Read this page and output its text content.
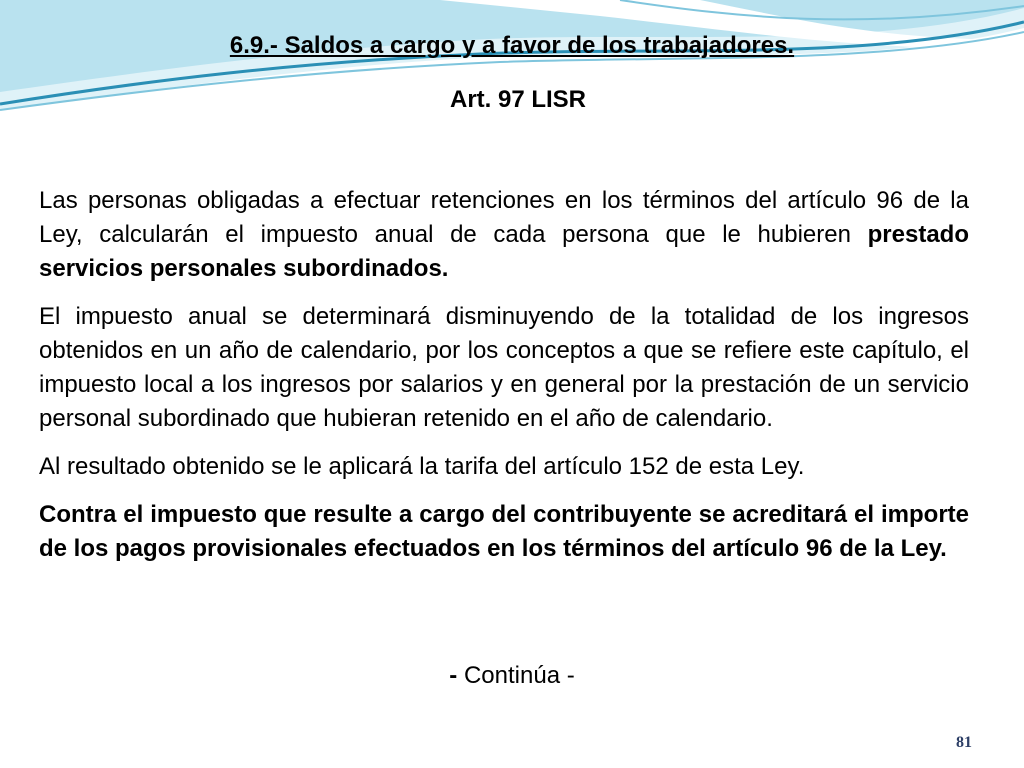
6.9.- Saldos a cargo y a favor de los trabajadores.
Art. 97 LISR

Las personas obligadas a efectuar retenciones en los términos del artículo 96 de la Ley, calcularán el impuesto anual de cada persona que le hubieren prestado servicios personales subordinados.

El impuesto anual se determinará disminuyendo de la totalidad de los ingresos obtenidos en un año de calendario, por los conceptos a que se refiere este capítulo, el impuesto local a los ingresos por salarios y en general por la prestación de un servicio personal subordinado que hubieran retenido en el año de calendario.

Al resultado obtenido se le aplicará la tarifa del artículo 152 de esta Ley.

Contra el impuesto que resulte a cargo del contribuyente se acreditará el importe de los pagos provisionales efectuados en los términos del artículo 96 de la Ley.

- Continúa -

81
